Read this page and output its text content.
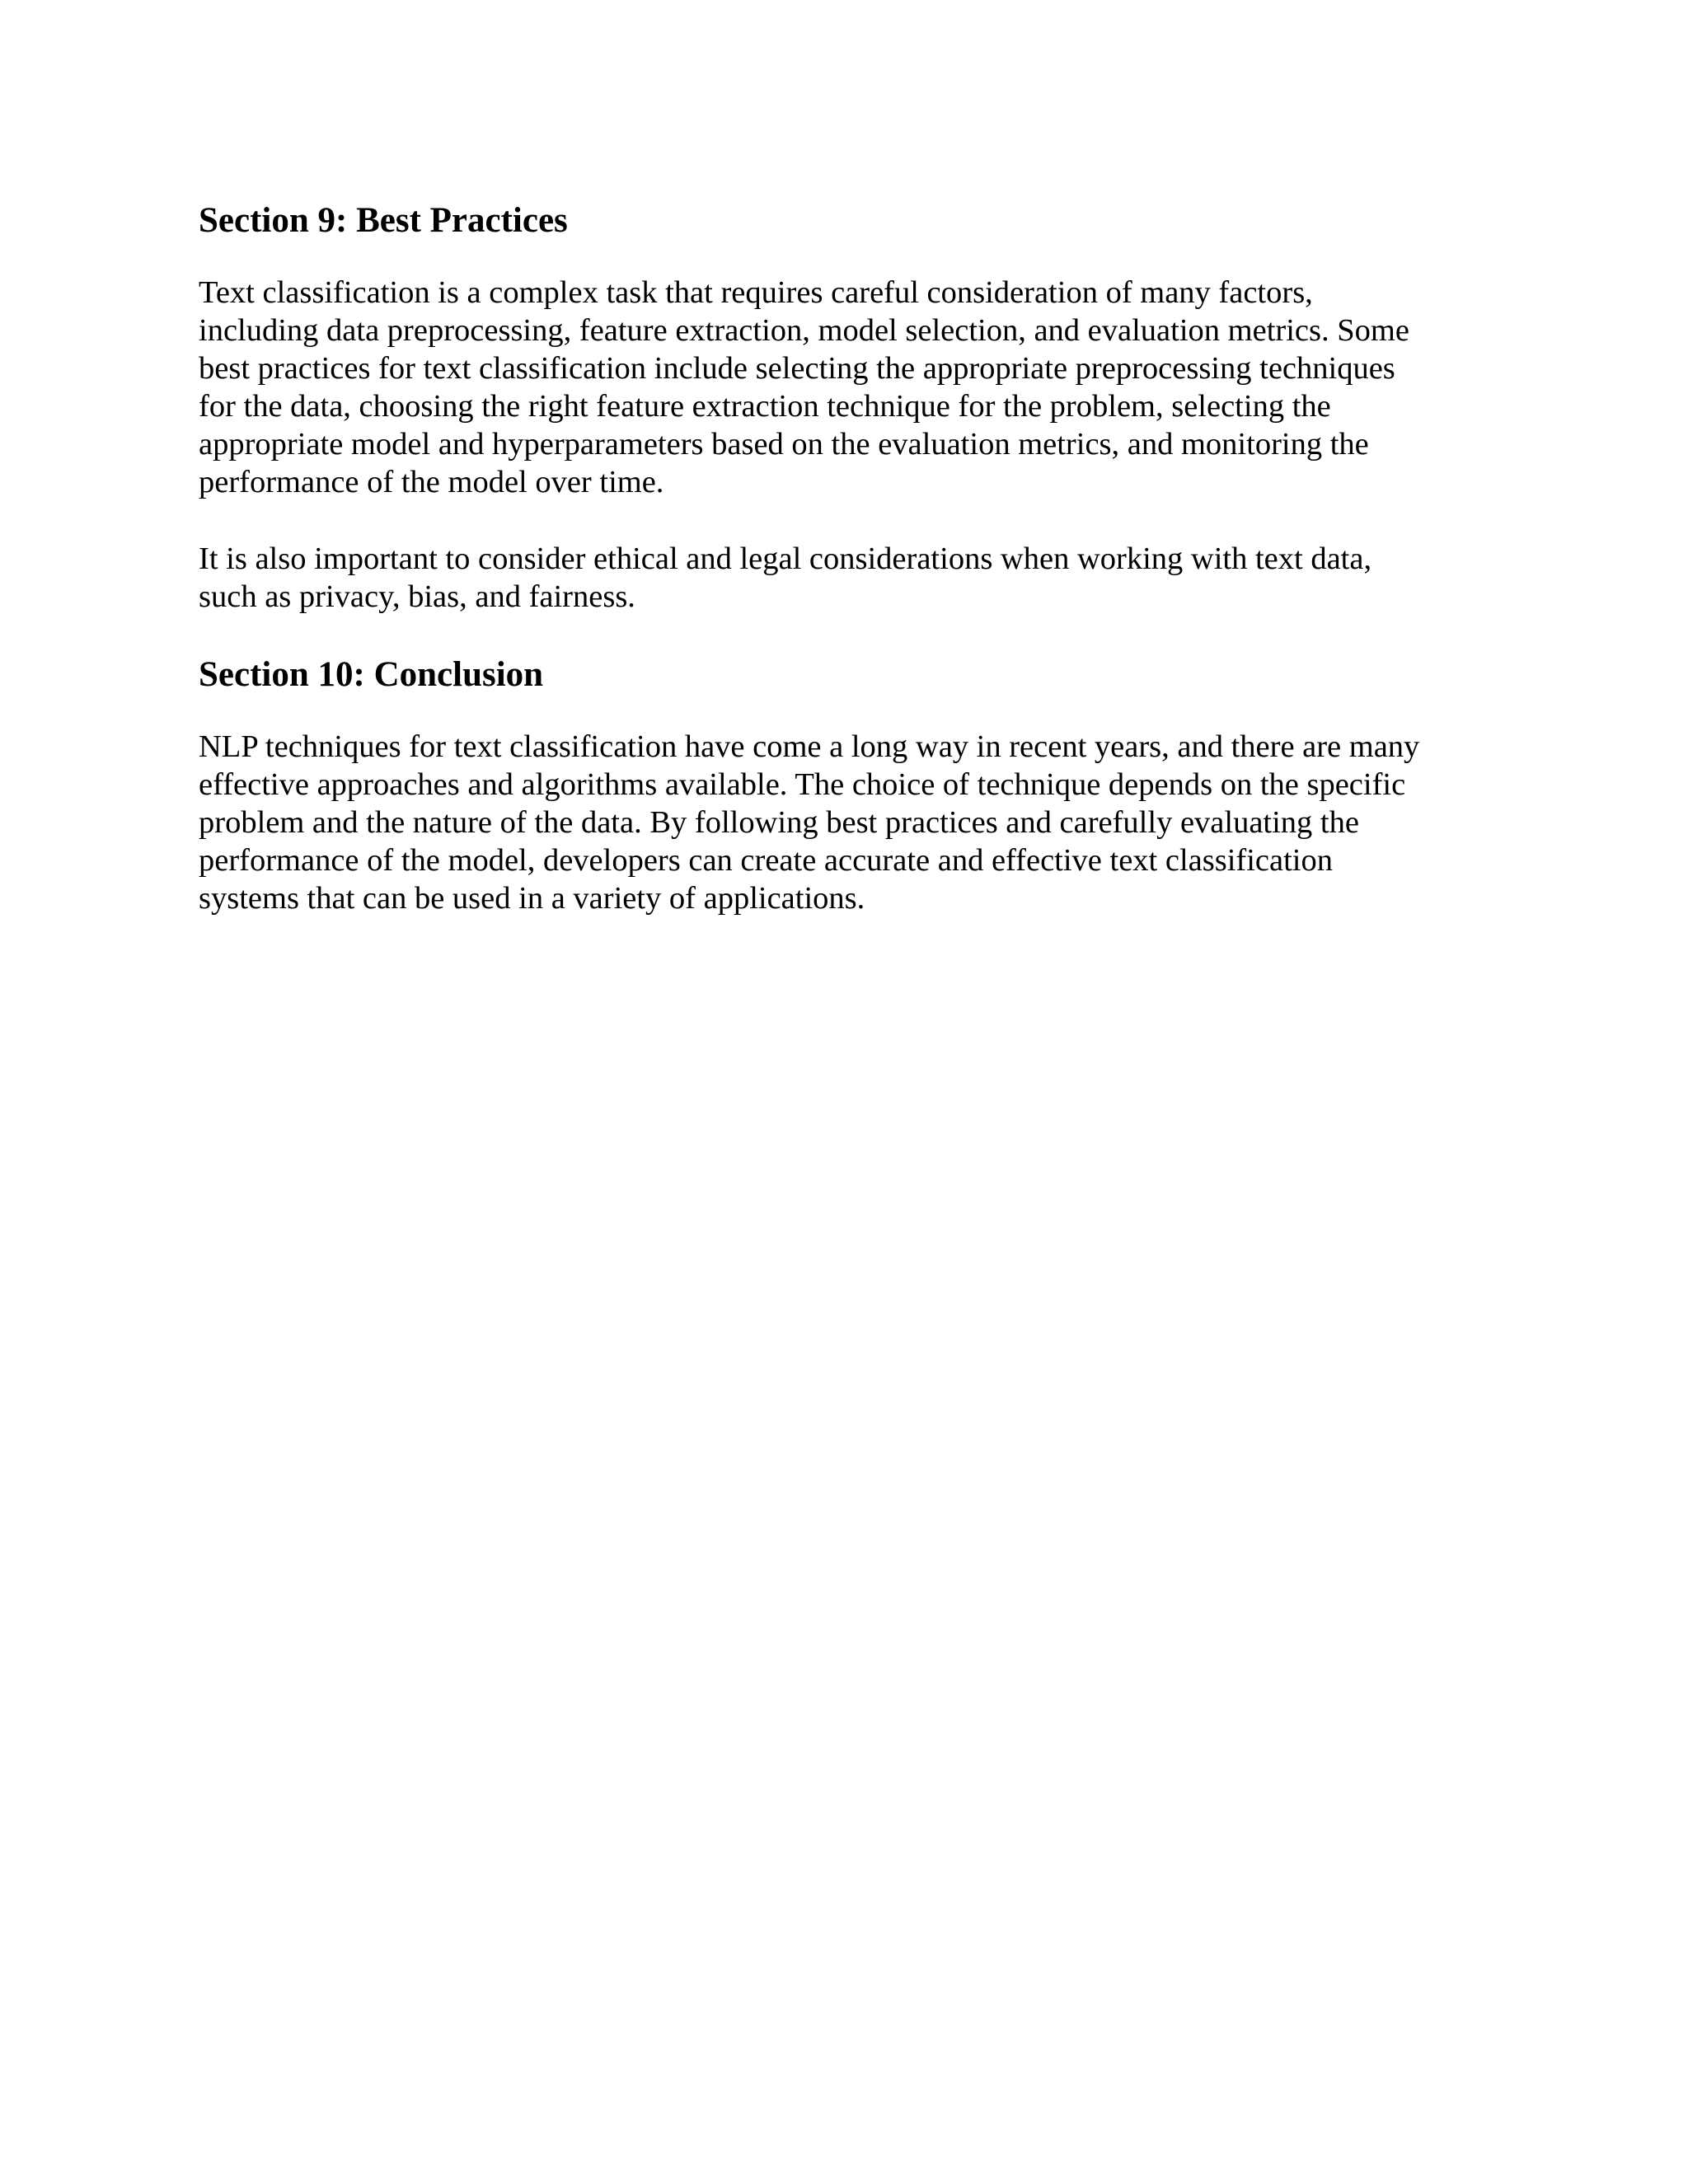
Section 9: Best Practices

Text classification is a complex task that requires careful consideration of many factors,
including data preprocessing, feature extraction, model selection, and evaluation metrics. Some
best practices for text classification include selecting the appropriate preprocessing techniques
for the data, choosing the right feature extraction technique for the problem, selecting the
appropriate model and hyperparameters based on the evaluation metrics, and monitoring the
performance of the model over time.

It is also important to consider ethical and legal considerations when working with text data,
such as privacy, bias, and fairness.

Section 10: Conclusion

NLP techniques for text classification have come a long way in recent years, and there are many
effective approaches and algorithms available. The choice of technique depends on the specific
problem and the nature of the data. By following best practices and carefully evaluating the
performance of the model, developers can create accurate and effective text classification
systems that can be used in a variety of applications.
